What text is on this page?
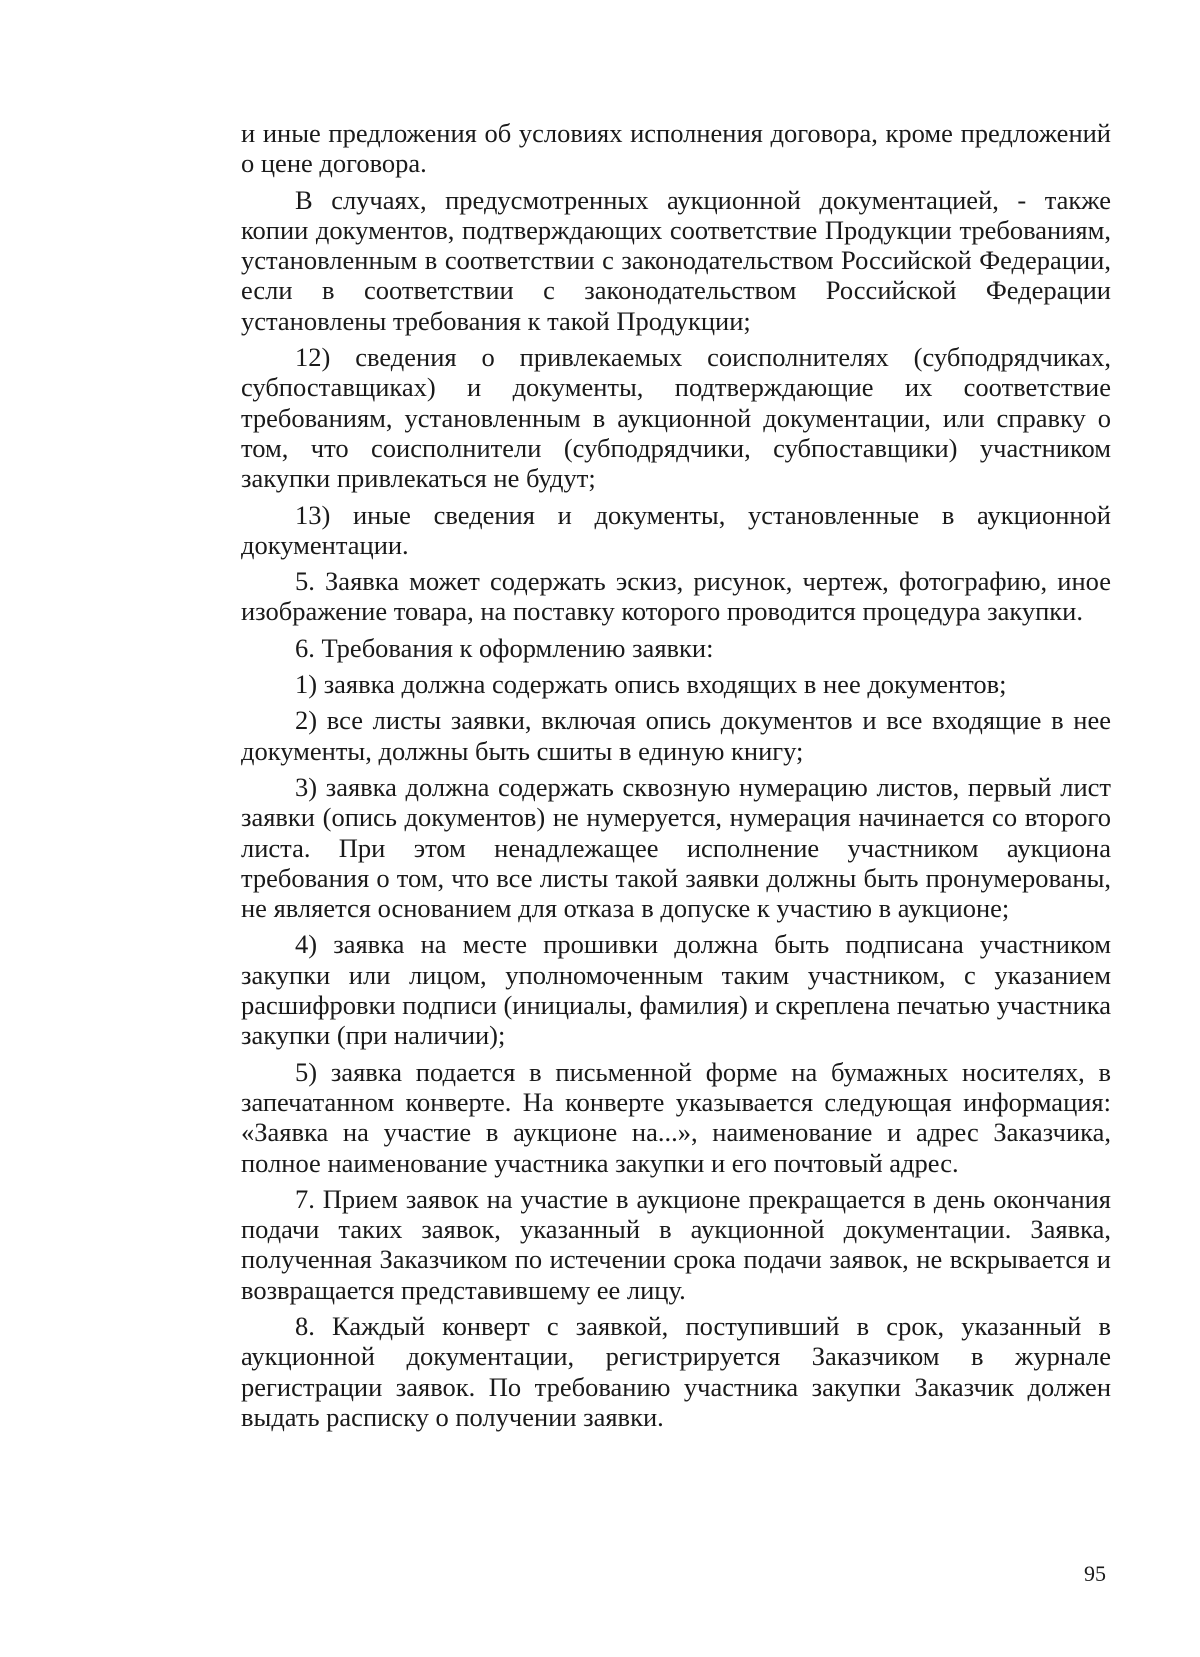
и иные предложения об условиях исполнения договора, кроме предложений о цене договора.

В случаях, предусмотренных аукционной документацией, - также копии документов, подтверждающих соответствие Продукции требованиям, установленным в соответствии с законодательством Российской Федерации, если в соответствии с законодательством Российской Федерации установлены требования к такой Продукции;

12) сведения о привлекаемых соисполнителях (субподрядчиках, субпоставщиках) и документы, подтверждающие их соответствие требованиям, установленным в аукционной документации, или справку о том, что соисполнители (субподрядчики, субпоставщики) участником закупки привлекаться не будут;

13) иные сведения и документы, установленные в аукционной документации.

5. Заявка может содержать эскиз, рисунок, чертеж, фотографию, иное изображение товара, на поставку которого проводится процедура закупки.

6. Требования к оформлению заявки:

1) заявка должна содержать опись входящих в нее документов;

2) все листы заявки, включая опись документов и все входящие в нее документы, должны быть сшиты в единую книгу;

3) заявка должна содержать сквозную нумерацию листов, первый лист заявки (опись документов) не нумеруется, нумерация начинается со второго листа. При этом ненадлежащее исполнение участником аукциона требования о том, что все листы такой заявки должны быть пронумерованы, не является основанием для отказа в допуске к участию в аукционе;

4) заявка на месте прошивки должна быть подписана участником закупки или лицом, уполномоченным таким участником, с указанием расшифровки подписи (инициалы, фамилия) и скреплена печатью участника закупки (при наличии);

5) заявка подается в письменной форме на бумажных носителях, в запечатанном конверте. На конверте указывается следующая информация: «Заявка на участие в аукционе на...», наименование и адрес Заказчика, полное наименование участника закупки и его почтовый адрес.

7. Прием заявок на участие в аукционе прекращается в день окончания подачи таких заявок, указанный в аукционной документации. Заявка, полученная Заказчиком по истечении срока подачи заявок, не вскрывается и возвращается представившему ее лицу.

8. Каждый конверт с заявкой, поступивший в срок, указанный в аукционной документации, регистрируется Заказчиком в журнале регистрации заявок. По требованию участника закупки Заказчик должен выдать расписку о получении заявки.

95
